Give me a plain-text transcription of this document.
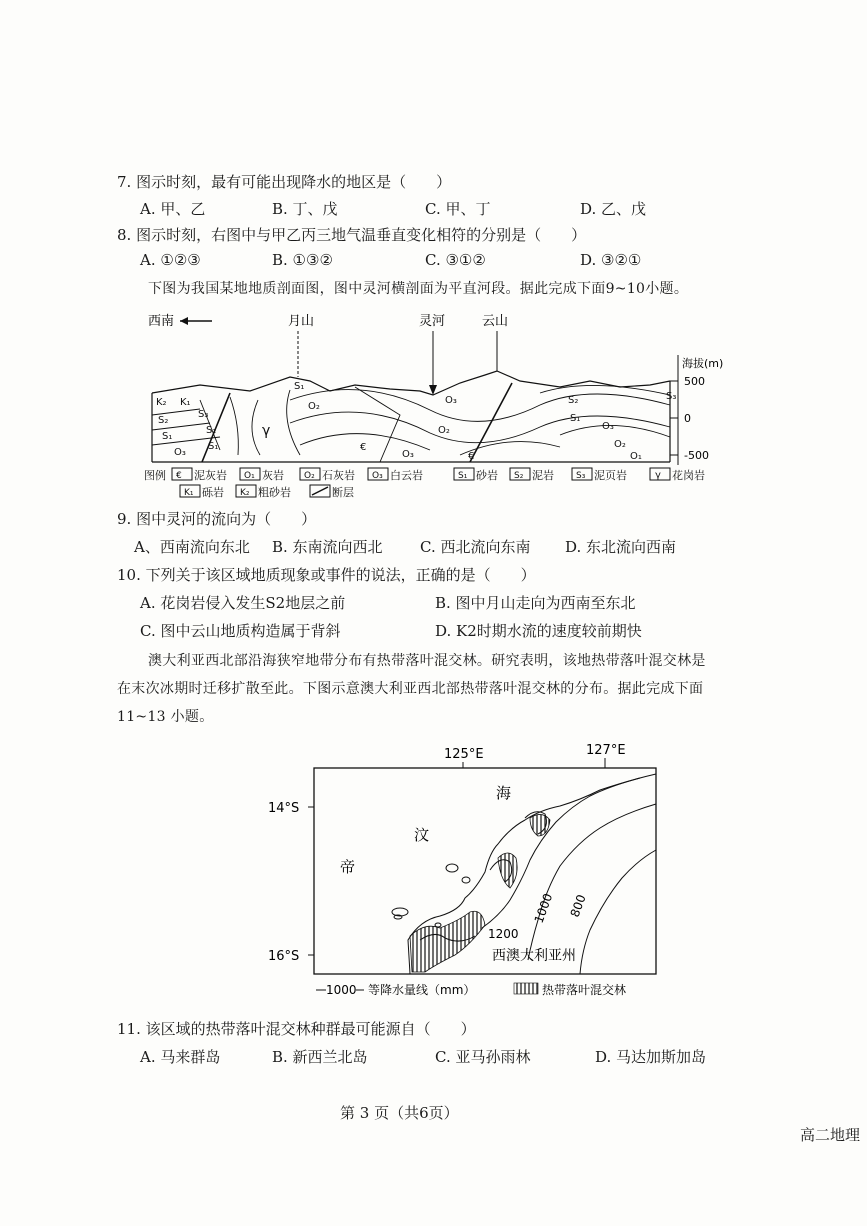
7. 图示时刻，最有可能出现降水的地区是（　　）
A. 甲、乙	B. 丁、戊	C. 甲、丁	D. 乙、戊
8. 图示时刻，右图中与甲乙丙三地气温垂直变化相符的分别是（　　）
A. ①②③	B. ①③②	C. ③①②	D. ③②①
下图为我国某地地质剖面图，图中灵河横剖面为平直河段。据此完成下面9~10小题。
西南	月山	灵河	云山
海拔(m)
500
0
-500
K₂ K₁
S₂
S₁
S₃
S₂
S₁
O₃
γ
S₁
O₂
O₃
O₂
€
O₃	€
S₂
S₁
O₃
O₂
O₁
S₃
图例 € 泥灰岩 O₁ 灰岩 O₂ 石灰岩 O₃ 白云岩	S₁ 砂岩 S₂ 泥岩 S₃ 泥页岩	γ 花岗岩
K₁ 砾岩 K₂ 粗砂岩	断层
9. 图中灵河的流向为（　　）
A、西南流向东北 B. 东南流向西北 C. 西北流向东南 D. 东北流向西南
10. 下列关于该区域地质现象或事件的说法，正确的是（　　）
A. 花岗岩侵入发生S2地层之前	B. 图中月山走向为西南至东北
C. 图中云山地质构造属于背斜	D. K2时期水流的速度较前期快
澳大利亚西北部沿海狭窄地带分布有热带落叶混交林。研究表明，该地热带落叶混交林是
在末次冰期时迁移扩散至此。下图示意澳大利亚西北部热带落叶混交林的分布。据此完成下面
11~13 小题。
125°E	127°E
14°S
16°S
1200
1000 800
帝
汶
海
西澳大利亚州
1000 等降水量线（mm）	热带落叶混交林
11. 该区域的热带落叶混交林种群最可能源自（　　）
A. 马来群岛	B. 新西兰北岛	C. 亚马孙雨林	D. 马达加斯加岛
第 3 页（共6页）
高二地理
